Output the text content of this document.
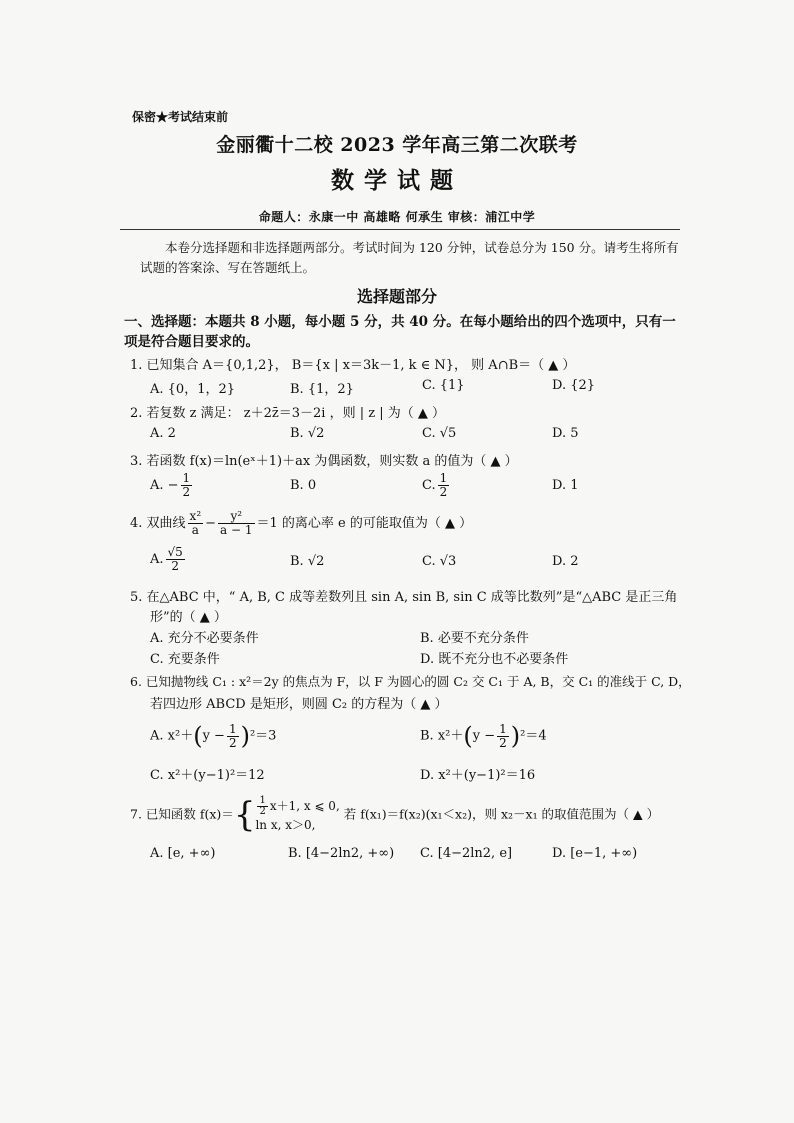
保密★考试结束前
金丽衢十二校 2023 学年高三第二次联考
数学试题
命题人：永康一中 高雄略 何承生 审核：浦江中学
本卷分选择题和非选择题两部分。考试时间为 120 分钟，试卷总分为 150 分。请考生将所有试题的答案涂、写在答题纸上。
选择题部分
一、选择题：本题共 8 小题，每小题 5 分，共 40 分。在每小题给出的四个选项中，只有一项是符合题目要求的。
1. 已知集合 A＝{0,1,2}， B＝{x | x＝3k－1, k ∈ N}， 则 A∩B＝（ ▲ ）
A. {0，1，2}	B. {1，2}	C. {1}	D. {2}
2. 若复数 z 满足： z＋2z̄＝3－2i ，则 | z | 为（ ▲ ）
A. 2	B. √2	C. √5	D. 5
3. 若函数 f(x)＝ln(eˣ＋1)＋ax 为偶函数，则实数 a 的值为（ ▲ ）
A. − $\frac{1}{2}$	B. 0	C. $\frac{1}{2}$	D. 1
4. 双曲线 $\frac{\text{x²}}{a} - \frac{\text{y²}}{a - 1} =1$ 的离心率 e 的可能取值为（ ▲ ）
A. $\frac{√5}{2}$	B. √2	C. √3	D. 2
5. 在△ABC 中，“ A, B, C 成等差数列且 sin A, sin B, sin C 成等比数列”是“△ABC 是正三角
形”的（ ▲ ）
A. 充分不必要条件	B. 必要不充分条件
C. 充要条件	D. 既不充分也不必要条件
6. 已知抛物线 C₁ : x²＝2y 的焦点为 F，以 F 为圆心的圆 C₂ 交 C₁ 于 A, B，交 C₁ 的准线于 C, D，
若四边形 ABCD 是矩形，则圆 C₂ 的方程为（ ▲ ）
A. $x^2+(y - \frac{1}{2} )^2=3$	B. $x^2+(y - \frac{1}{2} )^2=4$
C. x²＋(y−1)²＝12	D. x²＋(y−1)²＝16
7. 已知函数 $f(x)=\{ \frac{1}{2} x+1$, x ⩽ 0,
ln x, x＞0,
若 f(x₁)＝f(x₂)(x₁＜x₂)，则 x₂－x₁ 的取值范围为（ ▲ ）
A. [e, +∞)	B. [4−2ln2, +∞) C. [4−2ln2, e]	D. [e−1, +∞)
